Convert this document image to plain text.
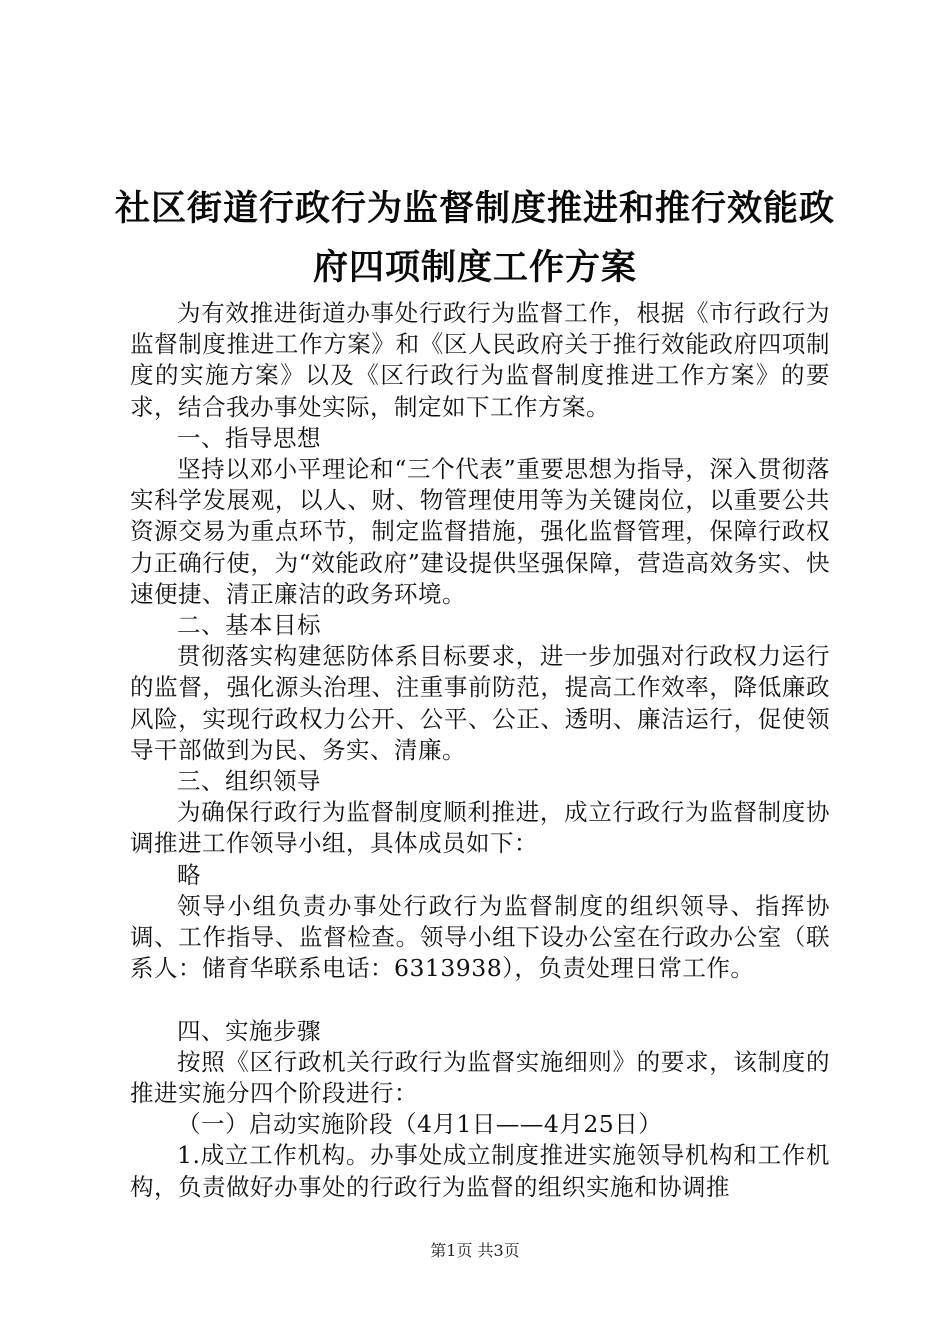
社区街道行政行为监督制度推进和推行效能政
府四项制度工作方案

为有效推进街道办事处行政行为监督工作，根据《市行政行为监督制度推进工作方案》和《区人民政府关于推行效能政府四项制度的实施方案》以及《区行政行为监督制度推进工作方案》的要求，结合我办事处实际，制定如下工作方案。

一、指导思想

坚持以邓小平理论和“三个代表”重要思想为指导，深入贯彻落实科学发展观，以人、财、物管理使用等为关键岗位，以重要公共资源交易为重点环节，制定监督措施，强化监督管理，保障行政权力正确行使，为“效能政府”建设提供坚强保障，营造高效务实、快速便捷、清正廉洁的政务环境。

二、基本目标

贯彻落实构建惩防体系目标要求，进一步加强对行政权力运行的监督，强化源头治理、注重事前防范，提高工作效率，降低廉政风险，实现行政权力公开、公平、公正、透明、廉洁运行，促使领导干部做到为民、务实、清廉。

三、组织领导

为确保行政行为监督制度顺利推进，成立行政行为监督制度协调推进工作领导小组，具体成员如下：

略

领导小组负责办事处行政行为监督制度的组织领导、指挥协调、工作指导、监督检查。领导小组下设办公室在行政办公室（联系人：储育华联系电话：6313938），负责处理日常工作。

四、实施步骤

按照《区行政机关行政行为监督实施细则》的要求，该制度的推进实施分四个阶段进行：

（一）启动实施阶段（4月1日——4月25日）

1.成立工作机构。办事处成立制度推进实施领导机构和工作机构，负责做好办事处的行政行为监督的组织实施和协调推

第1页 共3页
